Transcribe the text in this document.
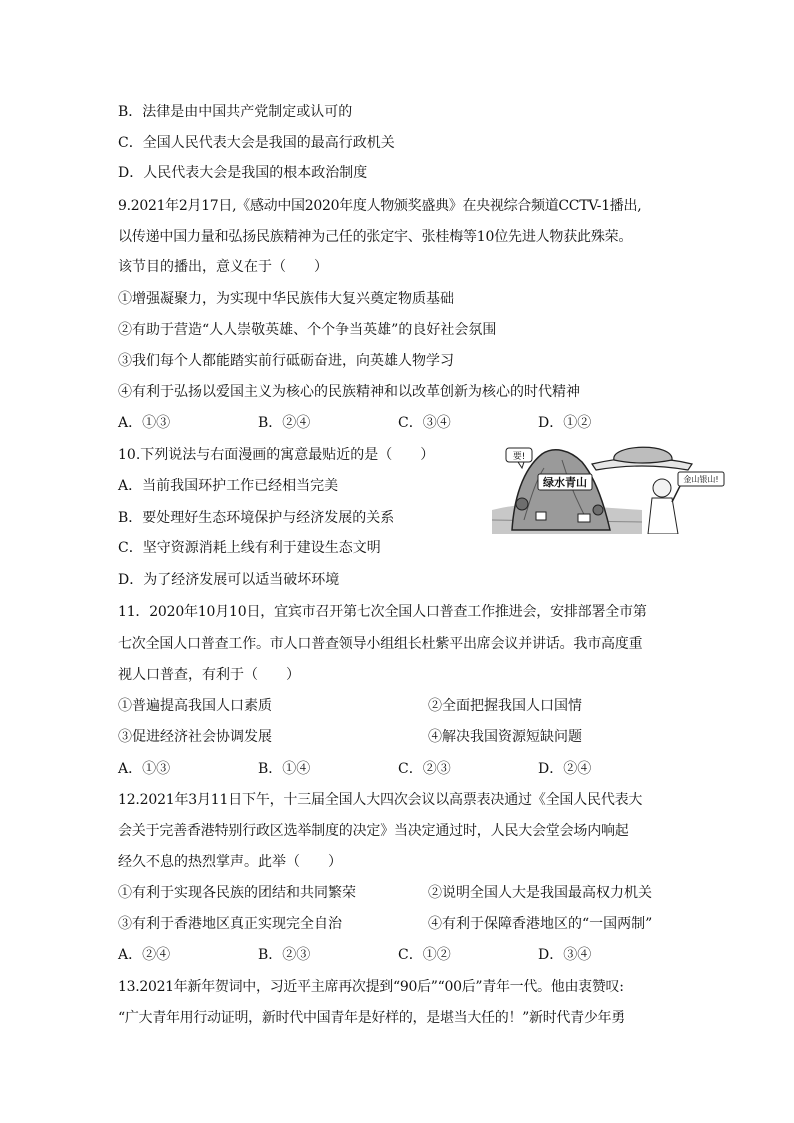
B．法律是由中国共产党制定或认可的
C．全国人民代表大会是我国的最高行政机关
D．人民代表大会是我国的根本政治制度
9.2021年2月17日,《感动中国2020年度人物颁奖盛典》在央视综合频道CCTV-1播出,
以传递中国力量和弘扬民族精神为己任的张定宇、张桂梅等10位先进人物获此殊荣。
该节目的播出，意义在于（　　）
①增强凝聚力，为实现中华民族伟大复兴奠定物质基础
②有助于营造“人人崇敬英雄、个个争当英雄”的良好社会氛围
③我们每个人都能踏实前行砥砺奋进，向英雄人物学习
④有利于弘扬以爱国主义为核心的民族精神和以改革创新为核心的时代精神
A．①③	B．②④	C．③④	D．①②
10.下列说法与右面漫画的寓意最贴近的是（　　）
A．当前我国环护工作已经相当完美
B．要处理好生态环境保护与经济发展的关系
C．坚守资源消耗上线有利于建设生态文明
D．为了经济发展可以适当破坏环境
绿水青山
要!
金山银山!
11．2020年10月10日，宜宾市召开第七次全国人口普查工作推进会，安排部署全市第
七次全国人口普查工作。市人口普查领导小组组长杜紫平出席会议并讲话。我市高度重
视人口普查，有利于（　　）
①普遍提高我国人口素质	②全面把握我国人口国情
③促进经济社会协调发展	④解决我国资源短缺问题
A．①③	B．①④	C．②③	D．②④
12.2021年3月11日下午，十三届全国人大四次会议以高票表决通过《全国人民代表大
会关于完善香港特别行政区选举制度的决定》当决定通过时，人民大会堂会场内响起
经久不息的热烈掌声。此举（　　）
①有利于实现各民族的团结和共同繁荣	②说明全国人大是我国最高权力机关
③有利于香港地区真正实现完全自治	④有利于保障香港地区的“一国两制”
A．②④	B．②③	C．①②	D．③④
13.2021年新年贺词中，习近平主席再次提到“90后”“00后”青年一代。他由衷赞叹:
“广大青年用行动证明，新时代中国青年是好样的，是堪当大任的！”新时代青少年勇
